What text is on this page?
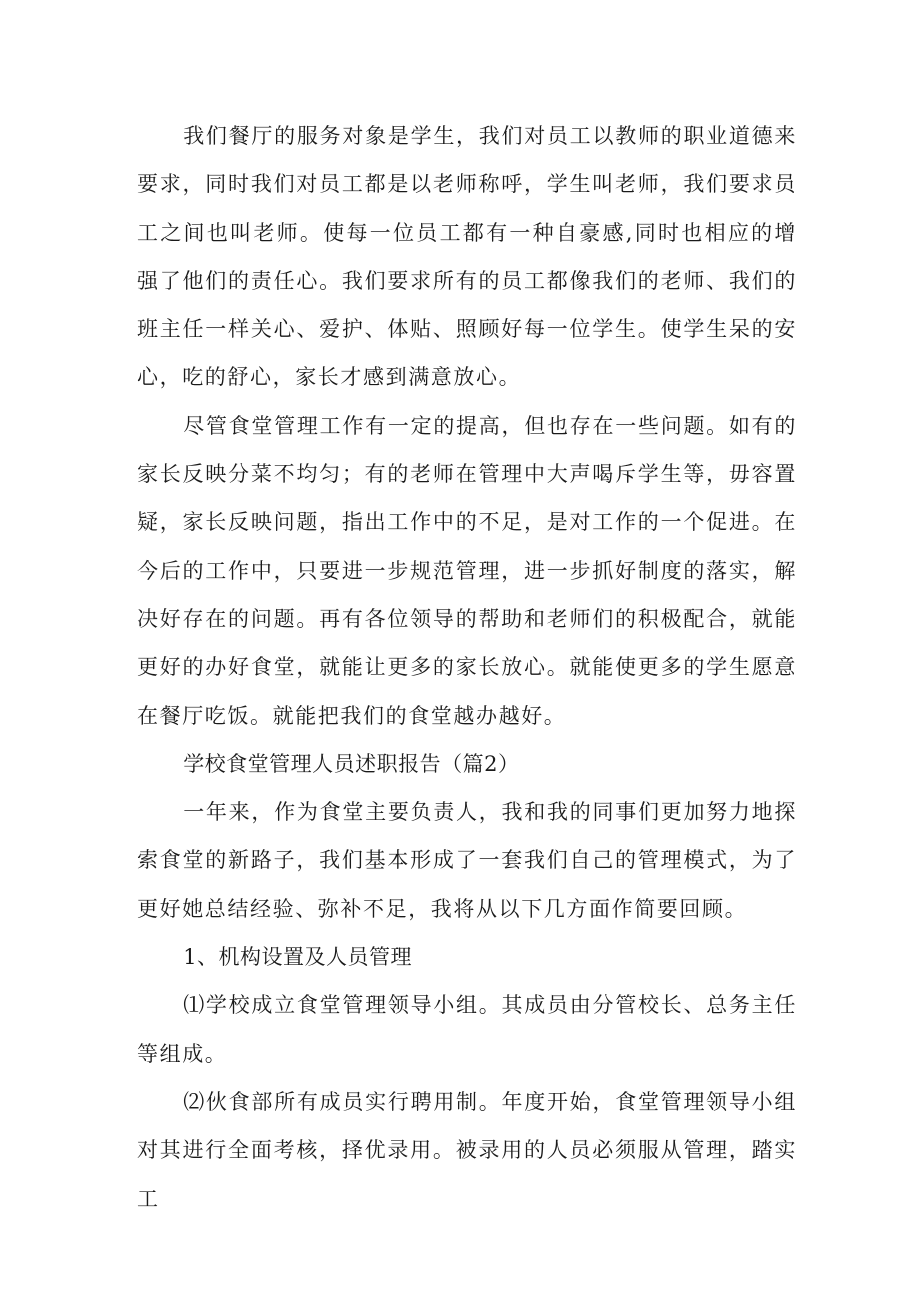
我们餐厅的服务对象是学生，我们对员工以教师的职业道德来要求，同时我们对员工都是以老师称呼，学生叫老师，我们要求员工之间也叫老师。使每一位员工都有一种自豪感,同时也相应的增强了他们的责任心。我们要求所有的员工都像我们的老师、我们的班主任一样关心、爱护、体贴、照顾好每一位学生。使学生呆的安心，吃的舒心，家长才感到满意放心。

尽管食堂管理工作有一定的提高，但也存在一些问题。如有的家长反映分菜不均匀；有的老师在管理中大声喝斥学生等，毋容置疑，家长反映问题，指出工作中的不足，是对工作的一个促进。在今后的工作中，只要进一步规范管理，进一步抓好制度的落实，解决好存在的问题。再有各位领导的帮助和老师们的积极配合，就能更好的办好食堂，就能让更多的家长放心。就能使更多的学生愿意在餐厅吃饭。就能把我们的食堂越办越好。

学校食堂管理人员述职报告（篇2）

一年来，作为食堂主要负责人，我和我的同事们更加努力地探索食堂的新路子，我们基本形成了一套我们自己的管理模式，为了更好她总结经验、弥补不足，我将从以下几方面作简要回顾。

1、机构设置及人员管理

⑴学校成立食堂管理领导小组。其成员由分管校长、总务主任等组成。

⑵伙食部所有成员实行聘用制。年度开始，食堂管理领导小组对其进行全面考核，择优录用。被录用的人员必须服从管理，踏实工
